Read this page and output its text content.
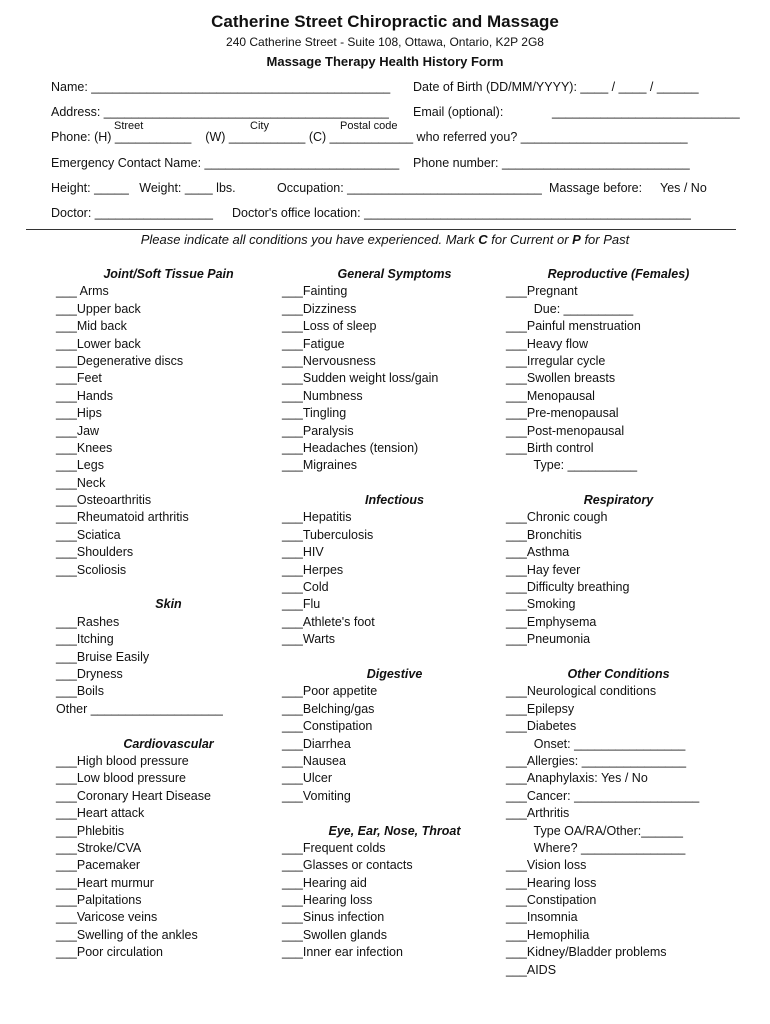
Catherine Street Chiropractic and Massage
240 Catherine Street - Suite 108, Ottawa, Ontario, K2P 2G8
Massage Therapy Health History Form
Name: ___________________________________________ Date of Birth (DD/MM/YYYY): ____ / ____ / ______
Address: _________________________________________ Email (optional):	___________________________
Street	City	Postal code
Phone: (H) ___________    (W) ___________ (C) ____________ who referred you? ________________________
Emergency Contact Name: ____________________________ Phone number: ___________________________
Height: _____   Weight: ____ lbs.	Occupation: ____________________________ Massage before: Yes / No
Doctor: _________________ Doctor's office location: _______________________________________________
Please indicate all conditions you have experienced. Mark C for Current or P for Past
Joint/Soft Tissue Pain
___ Arms
___Upper back
___Mid back
___Lower back
___Degenerative discs
___Feet
___Hands
___Hips
___Jaw
___Knees
___Legs
___Neck
___Osteoarthritis
___Rheumatoid arthritis
___Sciatica
___Shoulders
___Scoliosis
Skin
___Rashes
___Itching
___Bruise Easily
___Dryness
___Boils
Other ___________________
Cardiovascular
___High blood pressure
___Low blood pressure
___Coronary Heart Disease
___Heart attack
___Phlebitis
___Stroke/CVA
___Pacemaker
___Heart murmur
___Palpitations
___Varicose veins
___Swelling of the ankles
___Poor circulation
General Symptoms
___Fainting
___Dizziness
___Loss of sleep
___Fatigue
___Nervousness
___Sudden weight loss/gain
___Numbness
___Tingling
___Paralysis
___Headaches (tension)
___Migraines
Infectious
___Hepatitis
___Tuberculosis
___HIV
___Herpes
___Cold
___Flu
___Athlete's foot
___Warts
Digestive
___Poor appetite
___Belching/gas
___Constipation
___Diarrhea
___Nausea
___Ulcer
___Vomiting
Eye, Ear, Nose, Throat
___Frequent colds
___Glasses or contacts
___Hearing aid
___Hearing loss
___Sinus infection
___Swollen glands
___Inner ear infection
Reproductive (Females)
___Pregnant
Due: __________
___Painful menstruation
___Heavy flow
___Irregular cycle
___Swollen breasts
___Menopausal
___Pre-menopausal
___Post-menopausal
___Birth control
Type: __________
Respiratory
___Chronic cough
___Bronchitis
___Asthma
___Hay fever
___Difficulty breathing
___Smoking
___Emphysema
___Pneumonia
Other Conditions
___Neurological conditions
___Epilepsy
___Diabetes
Onset: ________________
___Allergies: _______________
___Anaphylaxis: Yes / No
___Cancer: __________________
___Arthritis
Type OA/RA/Other:______
Where? _______________
___Vision loss
___Hearing loss
___Constipation
___Insomnia
___Hemophilia
___Kidney/Bladder problems
___AIDS
